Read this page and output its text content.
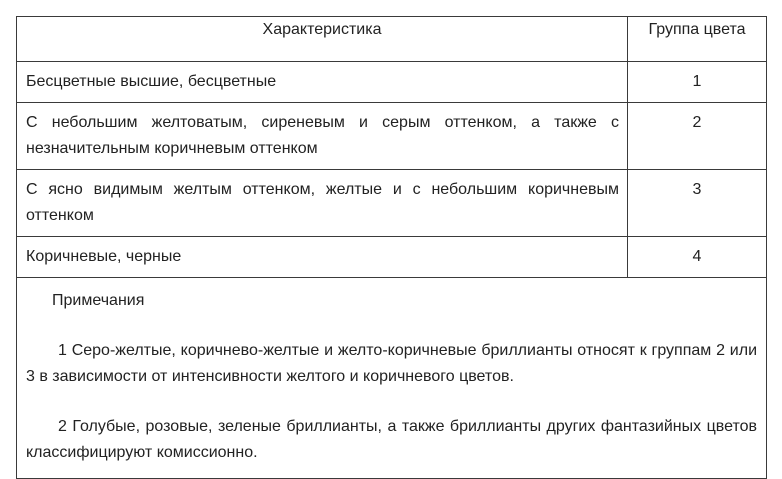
Характеристика	Группа цвета
Бесцветные высшие, бесцветные	1
С небольшим желтоватым, сиреневым и серым оттенком, а также с незначительным коричневым оттенком	2
С ясно видимым желтым оттенком, желтые и с небольшим коричневым оттенком	3
Коричневые, черные	4

Примечания

1 Серо-желтые, коричнево-желтые и желто-коричневые бриллианты относят к группам 2 или 3 в зависимости от интенсивности желтого и коричневого цветов.

2 Голубые, розовые, зеленые бриллианты, а также бриллианты других фантазийных цветов классифицируют комиссионно.	
